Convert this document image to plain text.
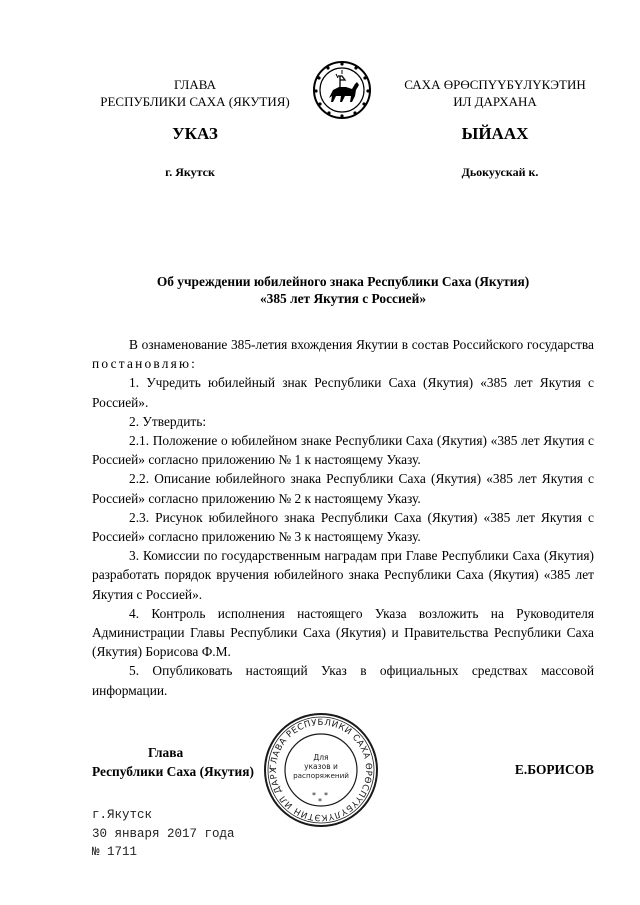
ГЛАВА
РЕСПУБЛИКИ САХА (ЯКУТИЯ)
САХА ӨРӨСПҮҮБҮЛҮКЭТИН
ИЛ ДАРХАНА
УКАЗ	ЫЙААХ
г. Якутск	Дьокуускай к.
Об учреждении юбилейного знака Республики Саха (Якутия)
«385 лет Якутия с Россией»

В ознаменование 385-летия вхождения Якутии в состав Российского государства постановляю:

1. Учредить юбилейный знак Республики Саха (Якутия) «385 лет Якутия с Россией».

2. Утвердить:

2.1. Положение о юбилейном знаке Республики Саха (Якутия) «385 лет Якутия с Россией» согласно приложению № 1 к настоящему Указу.

2.2. Описание юбилейного знака Республики Саха (Якутия) «385 лет Якутия с Россией» согласно приложению № 2 к настоящему Указу.

2.3. Рисунок юбилейного знака Республики Саха (Якутия) «385 лет Якутия с Россией» согласно приложению № 3 к настоящему Указу.

3. Комиссии по государственным наградам при Главе Республики Саха (Якутия) разработать порядок вручения юбилейного знака Республики Саха (Якутия) «385 лет Якутия с Россией».

4. Контроль исполнения настоящего Указа возложить на Руководителя Администрации Главы Республики Саха (Якутия) и Правительства Республики Саха (Якутия) Борисова Ф.М.

5. Опубликовать настоящий Указ в официальных средствах массовой информации.

ГЛАВА РЕСПУБЛИКИ САХА ӨРӨСПҮҮБҮЛҮКЭТИН ИЛ ДАРХ
Для
указов и
распоряжений
* *
*
Глава
Республики Саха (Якутия)	Е.БОРИСОВ
г.Якутск
30 января 2017 года
№ 1711
